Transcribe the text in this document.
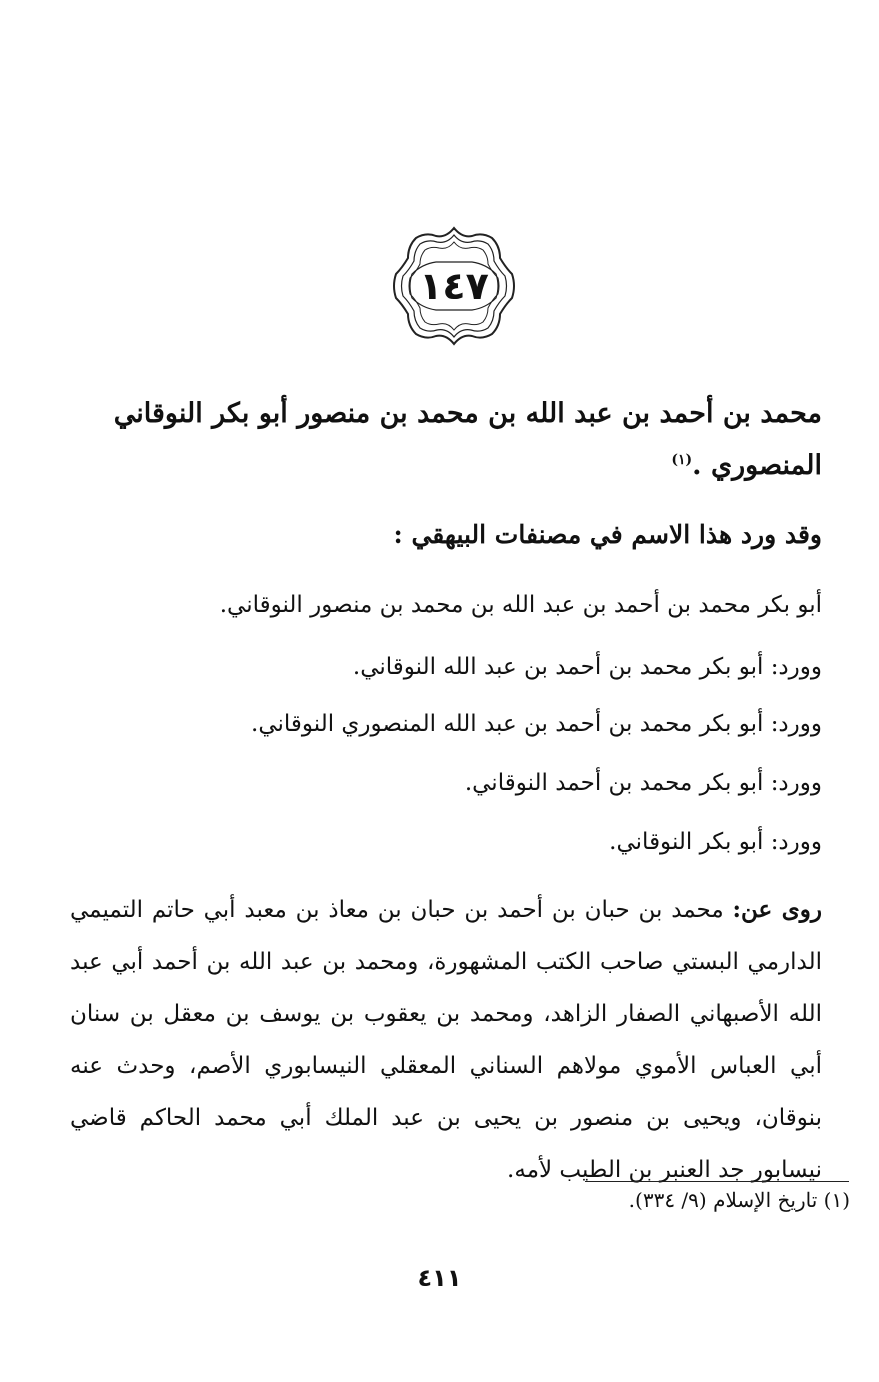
١٤٧
محمد بن أحمد بن عبد الله بن محمد بن منصور أبو بكر النوقاني
المنصوري .$^{(١)}$
وقد ورد هذا الاسم في مصنفات البيهقي :
أبو بكر محمد بن أحمد بن عبد الله بن محمد بن منصور النوقاني.
وورد: أبو بكر محمد بن أحمد بن عبد الله النوقاني.
وورد: أبو بكر محمد بن أحمد بن عبد الله المنصوري النوقاني.
وورد: أبو بكر محمد بن أحمد النوقاني.
وورد: أبو بكر النوقاني.
روى عن: محمد بن حبان بن أحمد بن حبان بن معاذ بن معبد أبي حاتم التميمي الدارمي البستي صاحب الكتب المشهورة، ومحمد بن عبد الله بن أحمد أبي عبد الله الأصبهاني الصفار الزاهد، ومحمد بن يعقوب بن يوسف بن معقل بن سنان أبي العباس الأموي مولاهم السناني المعقلي النيسابوري الأصم، وحدث عنه بنوقان، ويحيى بن منصور بن يحيى بن عبد الملك أبي محمد الحاكم قاضي نيسابور جد العنبر بن الطيب لأمه.
(١) تاريخ الإسلام (٩/ ٣٣٤).
٤١١
